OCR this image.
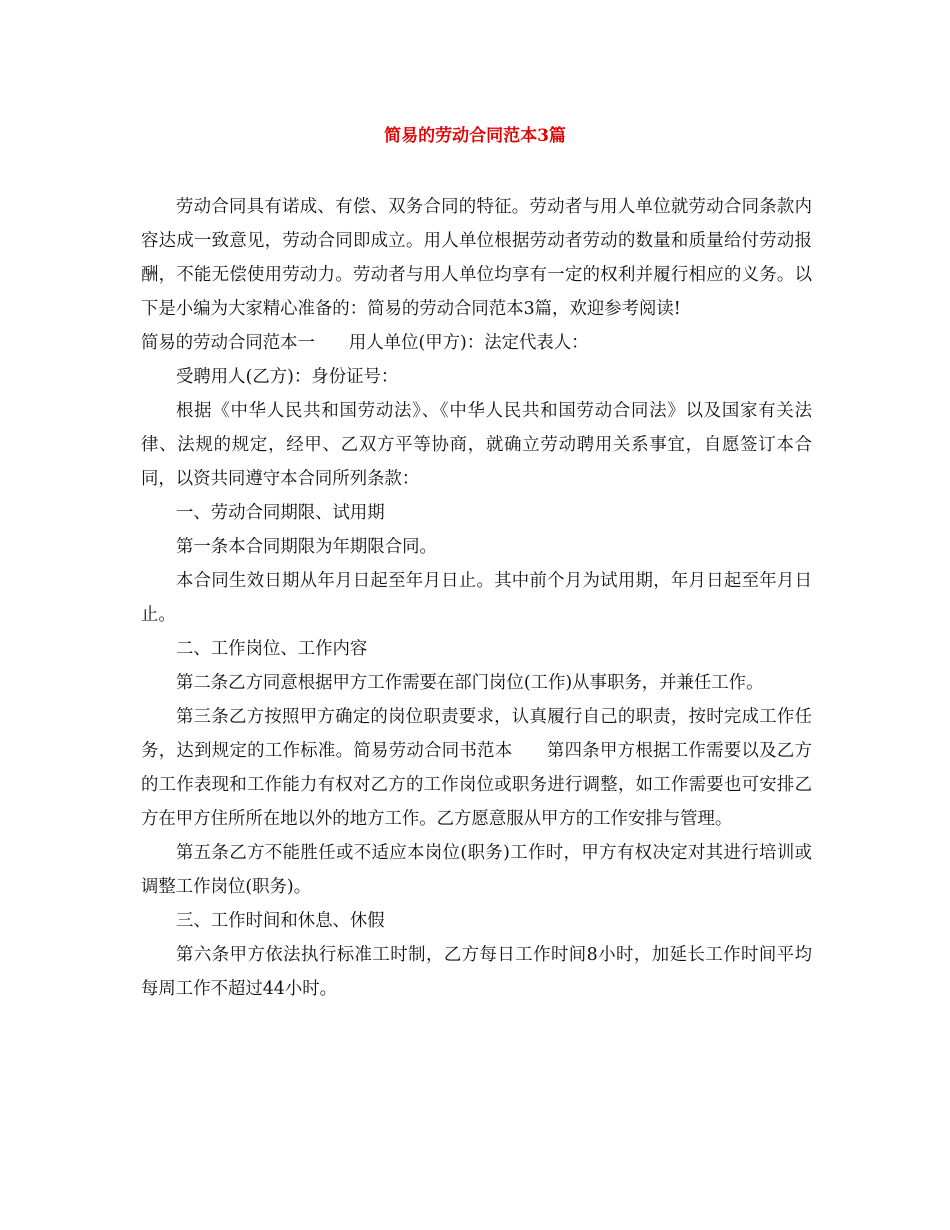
简易的劳动合同范本3篇

劳动合同具有诺成、有偿、双务合同的特征。劳动者与用人单位就劳动合同条款内容达成一致意见，劳动合同即成立。用人单位根据劳动者劳动的数量和质量给付劳动报酬，不能无偿使用劳动力。劳动者与用人单位均享有一定的权利并履行相应的义务。以下是小编为大家精心准备的：简易的劳动合同范本3篇，欢迎参考阅读!

简易的劳动合同范本一 用人单位(甲方)：法定代表人：

受聘用人(乙方)：身份证号：

根据《中华人民共和国劳动法》、《中华人民共和国劳动合同法》以及国家有关法律、法规的规定，经甲、乙双方平等协商，就确立劳动聘用关系事宜，自愿签订本合同，以资共同遵守本合同所列条款：

一、劳动合同期限、试用期

第一条本合同期限为年期限合同。

本合同生效日期从年月日起至年月日止。其中前个月为试用期，年月日起至年月日止。

二、工作岗位、工作内容

第二条乙方同意根据甲方工作需要在部门岗位(工作)从事职务，并兼任工作。

第三条乙方按照甲方确定的岗位职责要求，认真履行自己的职责，按时完成工作任务，达到规定的工作标准。简易劳动合同书范本 第四条甲方根据工作需要以及乙方的工作表现和工作能力有权对乙方的工作岗位或职务进行调整，如工作需要也可安排乙方在甲方住所所在地以外的地方工作。乙方愿意服从甲方的工作安排与管理。

第五条乙方不能胜任或不适应本岗位(职务)工作时，甲方有权决定对其进行培训或调整工作岗位(职务)。

三、工作时间和休息、休假

第六条甲方依法执行标准工时制，乙方每日工作时间8小时，加延长工作时间平均每周工作不超过44小时。
